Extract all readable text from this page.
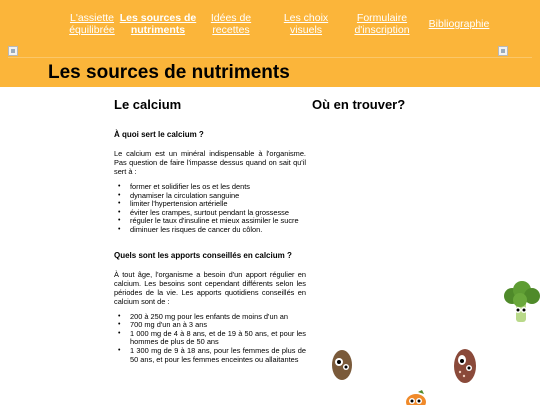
L'assiette
équilibrée
Les sources de
nutriments
Idées de
recettes
Les choix
visuels
Formulaire
d'inscription	Bibliographie
Les sources de nutriments
Le calcium
À quoi sert le calcium ?

Le calcium est un minéral indispensable à l'organisme. Pas question de faire l'impasse dessus quand on sait qu'il sert à :

• former et solidifier les os et les dents
• dynamiser la circulation sanguine
• limiter l'hypertension artérielle
• éviter les crampes, surtout pendant la grossesse
• réguler le taux d'insuline et mieux assimiler le sucre
• diminuer les risques de cancer du côlon.
Quels sont les apports conseillés en calcium ?

À tout âge, l'organisme a besoin d'un apport régulier en calcium. Les besoins sont cependant différents selon les périodes de la vie. Les apports quotidiens conseillés en calcium sont de :

• 200 à 250 mg pour les enfants de moins d'un an
• 700 mg d'un an à 3 ans
• 1 000 mg de 4 à 8 ans, et de 19 à 50 ans, et pour les hommes de plus de 50 ans
• 1 300 mg de 9 à 18 ans, pour les femmes de plus de 50 ans, et pour les femmes enceintes ou allaitantes
Où en trouver?
